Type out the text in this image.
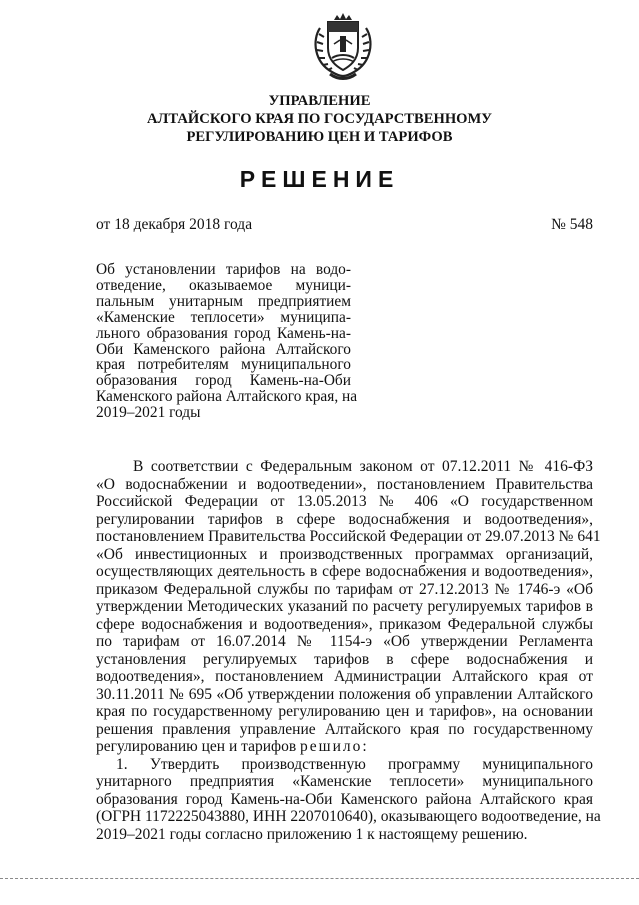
УПРАВЛЕНИЕ
АЛТАЙСКОГО КРАЯ ПО ГОСУДАРСТВЕННОМУ
РЕГУЛИРОВАНИЮ ЦЕН И ТАРИФОВ
РЕШЕНИЕ
от 18 декабря 2018 года	№ 548
Об установлении тарифов на водо-
отведение, оказываемое муници-
пальным унитарным предприятием
«Каменские теплосети» муниципа-
льного образования город Камень-на-
Оби Каменского района Алтайского
края потребителям муниципального
образования город Камень-на-Оби
Каменского района Алтайского края, на
2019–2021 годы
В соответствии с Федеральным законом от 07.12.2011 № 416-ФЗ
«О водоснабжении и водоотведении», постановлением Правительства
Российской Федерации от 13.05.2013 № 406 «О государственном
регулировании тарифов в сфере водоснабжения и водоотведения»,
постановлением Правительства Российской Федерации от 29.07.2013 № 641
«Об инвестиционных и производственных программах организаций,
осуществляющих деятельность в сфере водоснабжения и водоотведения»,
приказом Федеральной службы по тарифам от 27.12.2013 № 1746-э «Об
утверждении Методических указаний по расчету регулируемых тарифов в
сфере водоснабжения и водоотведения», приказом Федеральной службы
по тарифам от 16.07.2014 № 1154-э «Об утверждении Регламента
установления регулируемых тарифов в сфере водоснабжения и
водоотведения», постановлением Администрации Алтайского края от
30.11.2011 № 695 «Об утверждении положения об управлении Алтайского
края по государственному регулированию цен и тарифов», на основании
решения правления управление Алтайского края по государственному
регулированию цен и тарифов решило:
1. Утвердить производственную программу муниципального
унитарного предприятия «Каменские теплосети» муниципального
образования город Камень-на-Оби Каменского района Алтайского края
(ОГРН 1172225043880, ИНН 2207010640), оказывающего водоотведение, на
2019–2021 годы согласно приложению 1 к настоящему решению.
